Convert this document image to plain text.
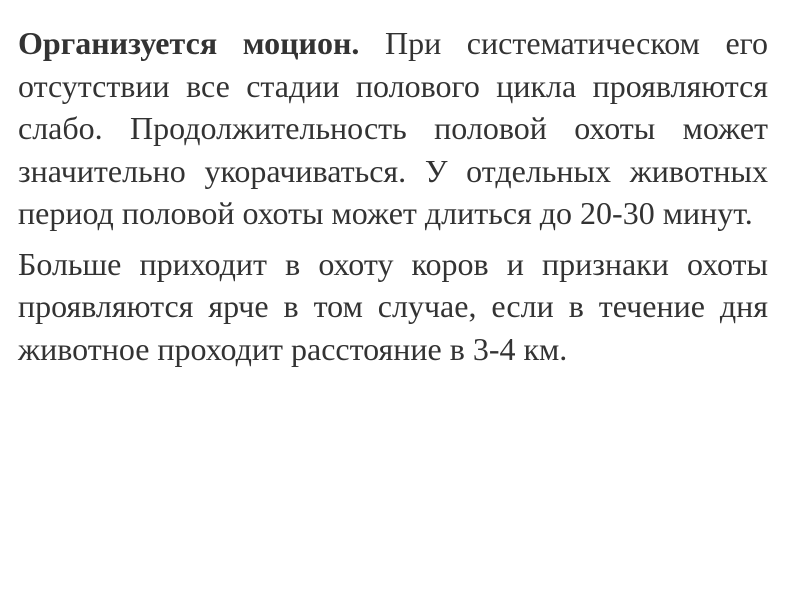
Организуется моцион. При систематическом его отсутствии все стадии полового цикла проявляются слабо. Продолжительность половой охоты может значительно укорачиваться. У отдельных животных период половой охоты может длиться до 20-30 минут.

Больше приходит в охоту коров и признаки охоты проявляются ярче в том случае, если в течение дня животное проходит расстояние в 3-4 км.
